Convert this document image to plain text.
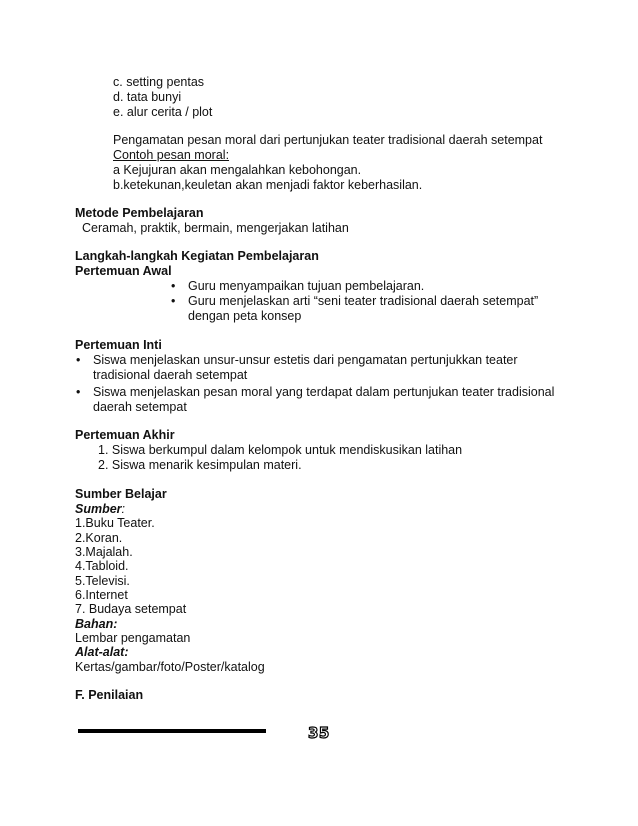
c. setting pentas
d. tata bunyi
e. alur cerita / plot
Pengamatan pesan moral dari pertunjukan teater tradisional daerah setempat
Contoh pesan moral:
a Kejujuran akan mengalahkan kebohongan.
b.ketekunan,keuletan akan menjadi faktor keberhasilan.
Metode Pembelajaran
Ceramah, praktik, bermain, mengerjakan latihan
Langkah-langkah Kegiatan Pembelajaran
Pertemuan Awal
• Guru menyampaikan tujuan pembelajaran.
• Guru menjelaskan arti “seni teater tradisional daerah setempat”
dengan peta konsep
Pertemuan Inti
• Siswa menjelaskan unsur-unsur estetis dari pengamatan pertunjukkan teater
tradisional daerah setempat
• Siswa menjelaskan pesan moral yang terdapat dalam pertunjukan teater tradisional
daerah setempat
Pertemuan Akhir
1. Siswa berkumpul dalam kelompok untuk mendiskusikan latihan
2. Siswa menarik kesimpulan materi.
Sumber Belajar
Sumber:
1.Buku Teater.
2.Koran.
3.Majalah.
4.Tabloid.
5.Televisi.
6.Internet
7. Budaya setempat
Bahan:
Lembar pengamatan
Alat-alat:
Kertas/gambar/foto/Poster/katalog
F. Penilaian
35
